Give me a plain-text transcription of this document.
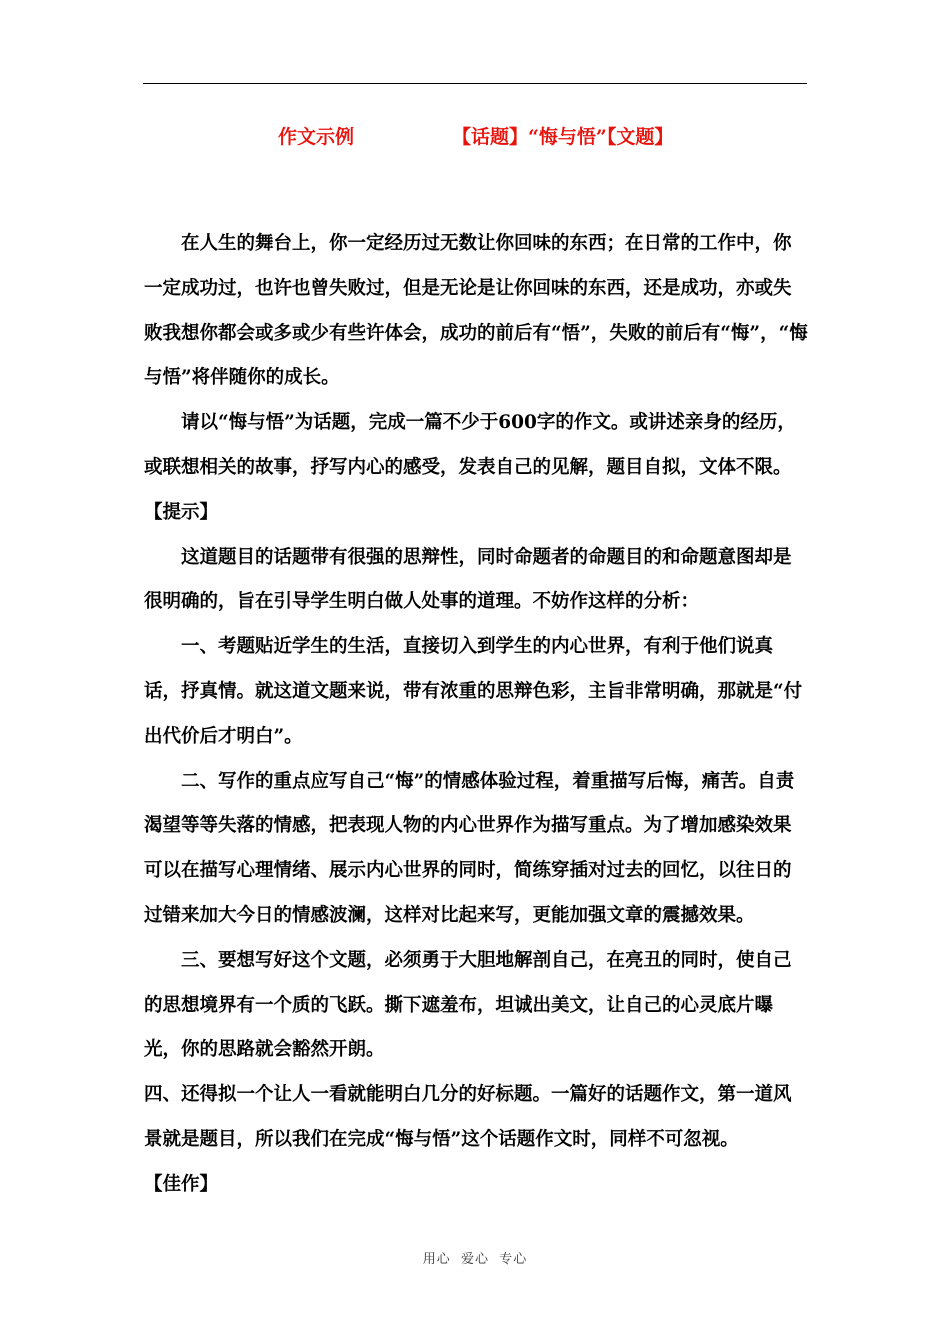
作文示例	【话题】“悔与悟”【文题】

在人生的舞台上，你一定经历过无数让你回味的东西；在日常的工作中，你一定成功过，也许也曾失败过，但是无论是让你回味的东西，还是成功，亦或失败我想你都会或多或少有些许体会，成功的前后有“悟”，失败的前后有“悔”，“悔与悟”将伴随你的成长。

请以“悔与悟”为话题，完成一篇不少于600字的作文。或讲述亲身的经历，或联想相关的故事，抒写内心的感受，发表自己的见解，题目自拟，文体不限。

【提示】

这道题目的话题带有很强的思辩性，同时命题者的命题目的和命题意图却是很明确的，旨在引导学生明白做人处事的道理。不妨作这样的分析：

一、考题贴近学生的生活，直接切入到学生的内心世界，有利于他们说真话，抒真情。就这道文题来说，带有浓重的思辩色彩，主旨非常明确，那就是“付出代价后才明白”。

二、写作的重点应写自己“悔”的情感体验过程，着重描写后悔，痛苦。自责渴望等等失落的情感，把表现人物的内心世界作为描写重点。为了增加感染效果可以在描写心理情绪、展示内心世界的同时，简练穿插对过去的回忆，以往日的过错来加大今日的情感波澜，这样对比起来写，更能加强文章的震撼效果。

三、要想写好这个文题，必须勇于大胆地解剖自己，在亮丑的同时，使自己的思想境界有一个质的飞跃。撕下遮羞布，坦诚出美文，让自己的心灵底片曝光，你的思路就会豁然开朗。

四、还得拟一个让人一看就能明白几分的好标题。一篇好的话题作文，第一道风景就是题目，所以我们在完成“悔与悟”这个话题作文时，同样不可忽视。

【佳作】

用心  爱心  专心
